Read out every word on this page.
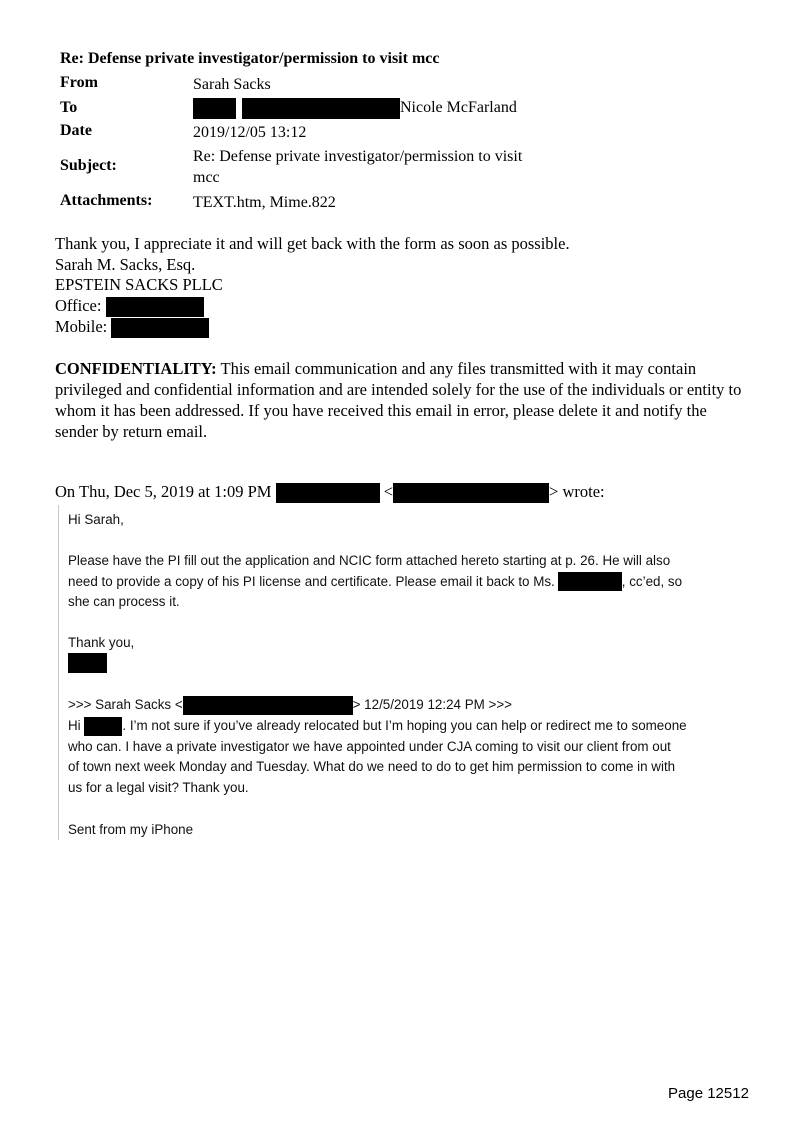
Re: Defense private investigator/permission to visit mcc
From	Sarah Sacks
To	Nicole McFarland
Date	2019/12/05 13:12
Subject:
Re: Defense private investigator/permission to visit
mcc
Attachments:	TEXT.htm, Mime.822
Thank you, I appreciate it and will get back with the form as soon as possible.
Sarah M. Sacks, Esq.
EPSTEIN SACKS PLLC
Office:
Mobile:
CONFIDENTIALITY: This email communication and any files transmitted with it may contain privileged and confidential information and are intended solely for the use of the individuals or entity to whom it has been addressed. If you have received this email in error, please delete it and notify the sender by return email.
On Thu, Dec 5, 2019 at 1:09 PM	<	> wrote:
Hi Sarah,
Please have the PI fill out the application and NCIC form attached hereto starting at p. 26. He will also
need to provide a copy of his PI license and certificate. Please email it back to Ms.	, cc’ed, so
she can process it.
Thank you,
>>> Sarah Sacks <	> 12/5/2019 12:24 PM >>>
Hi	. I’m not sure if you’ve already relocated but I’m hoping you can help or redirect me to someone
who can. I have a private investigator we have appointed under CJA coming to visit our client from out
of town next week Monday and Tuesday. What do we need to do to get him permission to come in with
us for a legal visit? Thank you.
Sent from my iPhone
Page 12512
